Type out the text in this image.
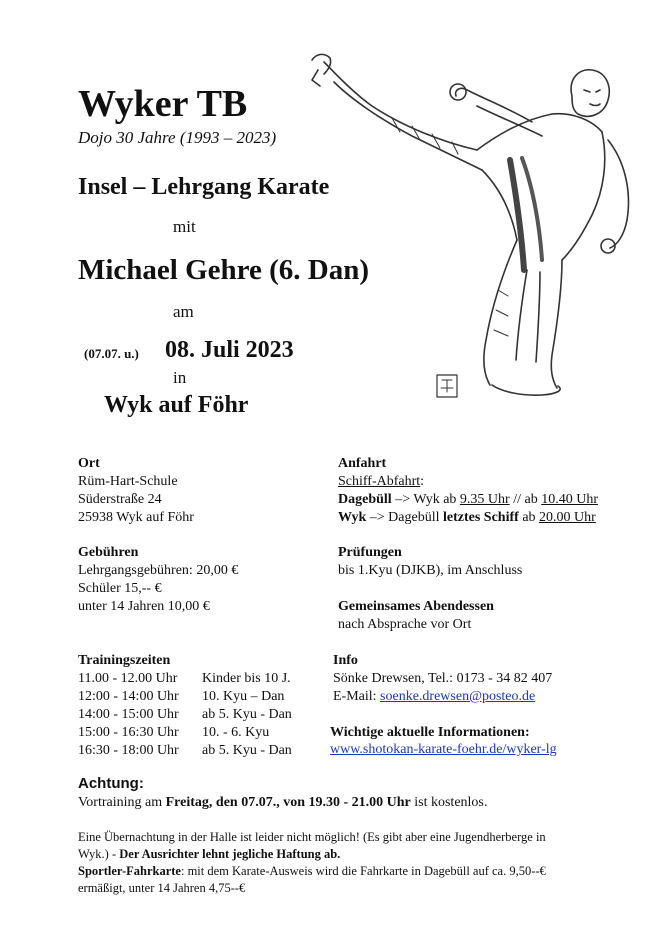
Wyker TB
Dojo 30 Jahre (1993 – 2023)
Insel – Lehrgang Karate
mit
Michael Gehre (6. Dan)
am
(07.07. u.) 08. Juli 2023
in
Wyk auf Föhr
Ort
Rüm-Hart-Schule
Süderstraße 24
25938 Wyk auf Föhr
Anfahrt
Schiff-Abfahrt:
Dagebüll –> Wyk ab 9.35 Uhr // ab 10.40 Uhr
Wyk –> Dagebüll letztes Schiff ab 20.00 Uhr
Gebühren
Lehrgangsgebühren: 20,00 €
Schüler 15,-- €
unter 14 Jahren 10,00 €
Prüfungen
bis 1.Kyu (DJKB), im Anschluss
Gemeinsames Abendessen
nach Absprache vor Ort
Trainingszeiten
11.00 - 12.00 Uhr Kinder bis 10 J.
12:00 - 14:00 Uhr 10. Kyu – Dan
14:00 - 15:00 Uhr ab 5. Kyu - Dan
15:00 - 16:30 Uhr 10. - 6. Kyu
16:30 - 18:00 Uhr ab 5. Kyu - Dan
Info
Sönke Drewsen, Tel.: 0173 - 34 82 407
E-Mail: soenke.drewsen@posteo.de
Wichtige aktuelle Informationen:
www.shotokan-karate-foehr.de/wyker-lg
Achtung:
Vortraining am Freitag, den 07.07., von 19.30 - 21.00 Uhr ist kostenlos.
Eine Übernachtung in der Halle ist leider nicht möglich! (Es gibt aber eine Jugendherberge in
Wyk.) - Der Ausrichter lehnt jegliche Haftung ab.
Sportler-Fahrkarte: mit dem Karate-Ausweis wird die Fahrkarte in Dagebüll auf ca. 9,50--€
ermäßigt, unter 14 Jahren 4,75--€
